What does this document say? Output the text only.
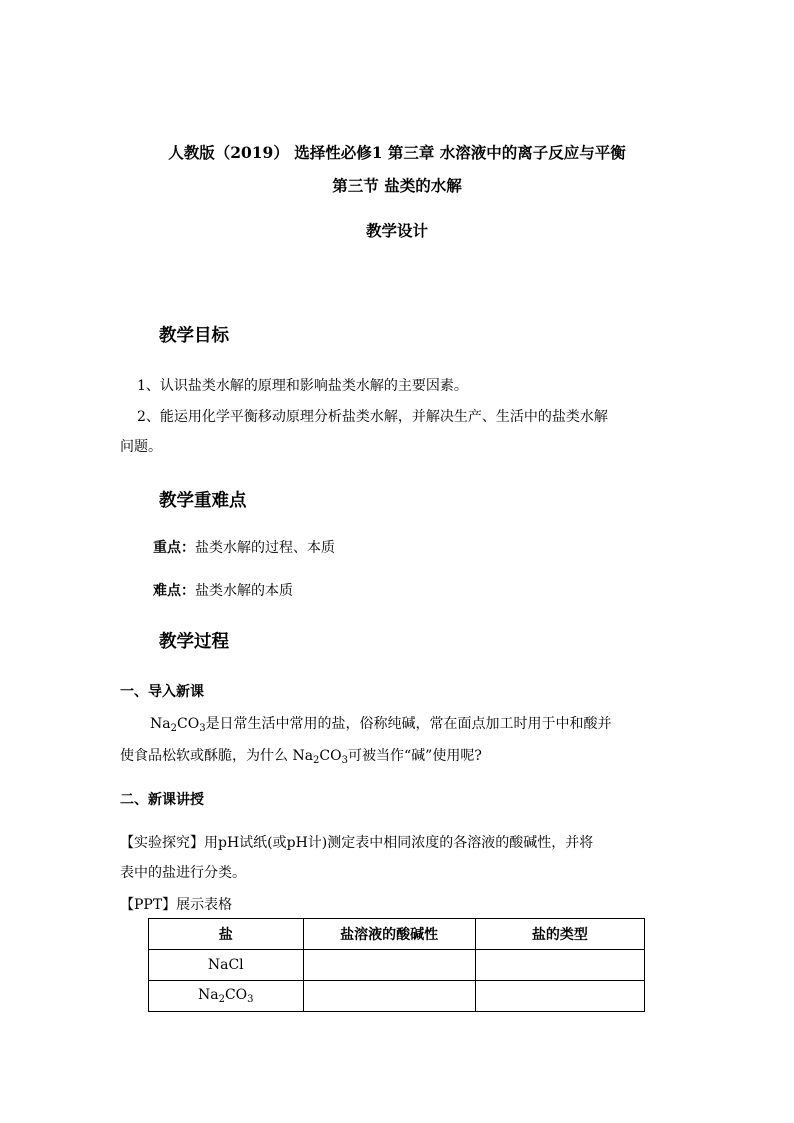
人教版（2019） 选择性必修1 第三章 水溶液中的离子反应与平衡
第三节 盐类的水解
教学设计
教学目标
1、认识盐类水解的原理和影响盐类水解的主要因素。
2、能运用化学平衡移动原理分析盐类水解，并解决生产、生活中的盐类水解
问题。
教学重难点
重点：盐类水解的过程、本质
难点：盐类水解的本质
教学过程
一、导入新课
$Na_2CO_3$是日常生活中常用的盐，俗称纯碱，常在面点加工时用于中和酸并
使食品松软或酥脆，为什么 $Na_2CO_3$可被当作“碱”使用呢?
二、新课讲授
【实验探究】用pH试纸(或pH计)测定表中相同浓度的各溶液的酸碱性，并将
表中的盐进行分类。
【PPT】展示表格
盐	盐溶液的酸碱性	盐的类型
NaCl		
$Na_2CO_3$		
